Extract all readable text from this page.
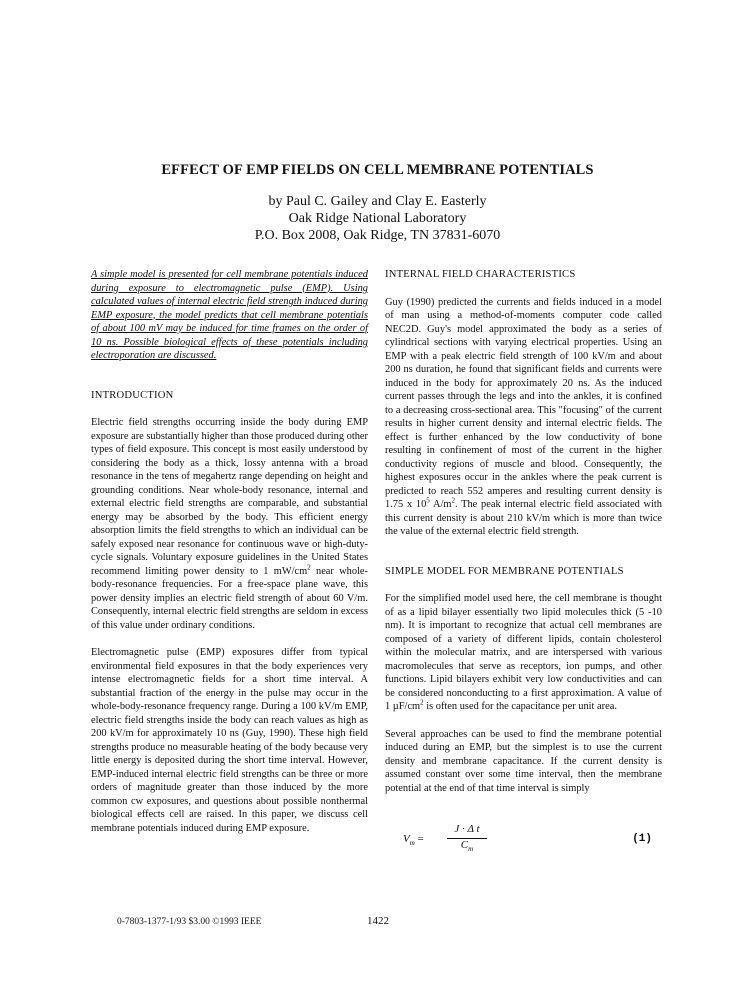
EFFECT OF EMP FIELDS ON CELL MEMBRANE POTENTIALS
by Paul C. Gailey and Clay E. Easterly
Oak Ridge National Laboratory
P.O. Box 2008, Oak Ridge, TN 37831-6070

A simple model is presented for cell membrane potentials induced during exposure to electromagnetic pulse (EMP). Using calculated values of internal electric field strength induced during EMP exposure, the model predicts that cell membrane potentials of about 100 mV may be induced for time frames on the order of 10 ns. Possible biological effects of these potentials including electroporation are discussed.

INTRODUCTION

Electric field strengths occurring inside the body during EMP exposure are substantially higher than those produced during other types of field exposure. This concept is most easily understood by considering the body as a thick, lossy antenna with a broad resonance in the tens of megahertz range depending on height and grounding conditions. Near whole-body resonance, internal and external electric field strengths are comparable, and substantial energy may be absorbed by the body. This efficient energy absorption limits the field strengths to which an individual can be safely exposed near resonance for continuous wave or high-duty-cycle signals. Voluntary exposure guidelines in the United States recommend limiting power density to 1 $mW/cm^2$ near whole-body-resonance frequencies. For a free-space plane wave, this power density implies an electric field strength of about 60 V/m. Consequently, internal electric field strengths are seldom in excess of this value under ordinary conditions.

Electromagnetic pulse (EMP) exposures differ from typical environmental field exposures in that the body experiences very intense electromagnetic fields for a short time interval. A substantial fraction of the energy in the pulse may occur in the whole-body-resonance frequency range. During a 100 kV/m EMP, electric field strengths inside the body can reach values as high as 200 kV/m for approximately 10 ns (Guy, 1990). These high field strengths produce no measurable heating of the body because very little energy is deposited during the short time interval. However, EMP-induced internal electric field strengths can be three or more orders of magnitude greater than those induced by the more common cw exposures, and questions about possible nonthermal biological effects cell are raised. In this paper, we discuss cell membrane potentials induced during EMP exposure.

INTERNAL FIELD CHARACTERISTICS

Guy (1990) predicted the currents and fields induced in a model of man using a method-of-moments computer code called NEC2D. Guy's model approximated the body as a series of cylindrical sections with varying electrical properties. Using an EMP with a peak electric field strength of 100 kV/m and about 200 ns duration, he found that significant fields and currents were induced in the body for approximately 20 ns. As the induced current passes through the legs and into the ankles, it is confined to a decreasing cross-sectional area. This "focusing" of the current results in higher current density and internal electric fields. The effect is further enhanced by the low conductivity of bone resulting in confinement of most of the current in the higher conductivity regions of muscle and blood. Consequently, the highest exposures occur in the ankles where the peak current is predicted to reach 552 amperes and resulting current density is 1.75 x $10^5$ $A/m^2$. The peak internal electric field associated with this current density is about 210 kV/m which is more than twice the value of the external electric field strength.

SIMPLE MODEL FOR MEMBRANE POTENTIALS

For the simplified model used here, the cell membrane is thought of as a lipid bilayer essentially two lipid molecules thick (5 -10 nm). It is important to recognize that actual cell membranes are composed of a variety of different lipids, contain cholesterol within the molecular matrix, and are interspersed with various macromolecules that serve as receptors, ion pumps, and other functions. Lipid bilayers exhibit very low conductivities and can be considered nonconducting to a first approximation. A value of 1 $\mu F/cm^2$ is often used for the capacitance per unit area.

Several approaches can be used to find the membrane potential induced during an EMP, but the simplest is to use the current density and membrane capacitance. If the current density is assumed constant over some time interval, then the membrane potential at the end of that time interval is simply

$V_m = \frac{\text{J · Δ t}}{C_m}$	(1)
0-7803-1377-1/93 $3.00 ©1993 IEEE	1422
